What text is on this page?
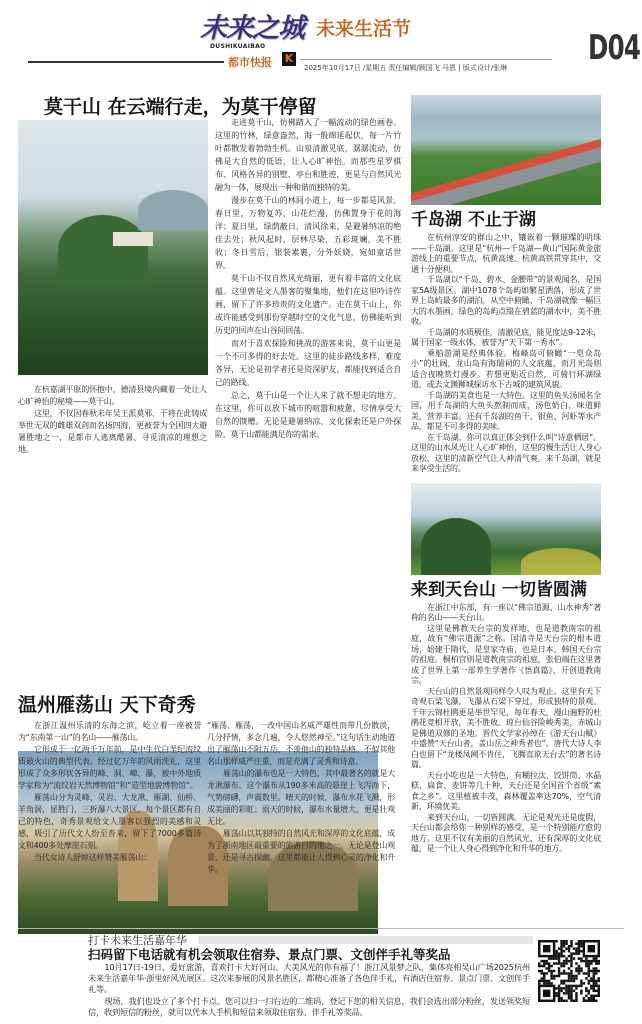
未来之城 未来生活节
DUSHIKUAIBAO
都市快报 K
2025年10月17日 /星期五 责任编辑/顾国飞 马恩 | 版式设计/张琳 D04
莫干山 在云端行走，为莫干停留

在杭嘉湖平原的怀抱中，德清县境内藏着一处让人心旷神怡的秘境——莫干山。

这里，不仅因春秋末年吴王派莫邪、干将在此铸成举世无双的雌雄双剑而名扬四海，更被誉为全国四大避暑胜地之一，是都市人逃离酷暑、寻觅清凉的理想之地。

走进莫干山，仿佛踏入了一幅流动的绿色画卷。这里的竹林，绿意盎然，海一般绵延起伏，每一片竹叶都散发着勃勃生机。山泉清澈见底，潺潺流动，仿佛是大自然的低语，让人心旷神怡。而那些星罗棋布、风格各异的别墅、亭台和胜迹，更是与自然风光融为一体，展现出一种和谐而独特的美。

漫步在莫干山的林间小道上，每一步都是风景。春日里，万物复苏，山花烂漫，仿佛置身于花的海洋；夏日里，绿荫蔽日，清风徐来，是避暑纳凉的绝佳去处；秋风起时，层林尽染，五彩斑斓，美不胜收；冬日雪后，银装素裹，分外妖娆，宛如童话世界。

莫干山不仅自然风光绮丽，更有着丰富的文化底蕴。这里曾是文人墨客的聚集地，他们在这里吟诗作画，留下了许多珍贵的文化遗产。走在莫干山上，你或许能感受到那份穿越时空的文化气息，仿佛能听到历史的回声在山谷间回荡。

而对于喜欢探险和挑战的游客来说，莫干山更是一个不可多得的好去处。这里的徒步路线多样，难度各异，无论是初学者还是资深驴友，都能找到适合自己的路线。

总之，莫干山是一个让人来了就不想走的地方。在这里，你可以放下城市的喧嚣和疲惫，尽情享受大自然的馈赠。无论是避暑纳凉、文化探索还是户外探险，莫干山都能满足你的需求。

千岛湖 不止于湖

在杭州淳安的群山之中，镶嵌着一颗璀璨的明珠——千岛湖。这里是“杭州—千岛湖—黄山”国际黄金旅游线上的重要节点，杭黄高速、杭黄高铁贯穿其中，交通十分便利。

千岛湖以“千岛、碧水、金腰带”的景观闻名，是国家5A级景区。湖中1078个岛屿如繁星洒落，形成了世界上岛屿最多的湖泊。从空中俯瞰，千岛湖就像一幅巨大的水墨画，绿色的岛屿点缀在碧蓝的湖水中，美不胜收。

千岛湖的水质极佳，清澈见底，能见度达9-12米，属于国家一级水体，被誉为“天下第一秀水”。

乘船游湖是经典体验。梅峰岛可俯瞰“一览众岛小”的壮阔，龙山岛有海瑞祠的人文底蕴，而月光岛则适合夜晚赏灯漫步。若想更贴近自然，可骑行环湖绿道，或去文渊狮城探访水下古城的建筑风貌。

千岛湖的美食也是一大特色。这里的鱼头汤闻名全国，用千岛湖的大鱼头熬制而成，汤色奶白，味道鲜美，营养丰富。还有千岛湖的鱼干、银鱼、河虾等水产品，都是不可多得的美味。

在千岛湖，你可以真正体会到什么叫“诗意栖居”。这里的山水风光让人心旷神怡，这里的慢生活让人身心放松，这里的清新空气让人神清气爽。来千岛湖，就是来享受生活的。

来到天台山 一切皆圆满

在浙江中东部，有一座以“佛宗道源、山水神秀”著称的名山——天台山。

这里是佛教天台宗的发祥地，也是道教南宗的祖庭，故有“佛宗道源”之称。国清寺是天台宗的根本道场，始建于隋代，是皇家寺庙，也是日本、韩国天台宗的祖庭。桐柏宫则是道教南宗的祖庭，张伯端在这里著成了世界上第一部养生学著作《悟真篇》，开创道教南宗。

天台山的自然景观同样令人叹为观止。这里有天下奇观石梁飞瀑，飞瀑从石梁下穿过，形成独特的景观。千年云锦杜鹃更是举世罕见，每年春天，漫山遍野的杜鹃花竞相开放，美不胜收。琼台仙谷险峻秀美，赤城山是佛道双修的圣地。晋代文学家孙绰在《游天台山赋》中盛赞“天台山者，盖山岳之神秀者也”，唐代大诗人李白也留下“龙楼凤阙不肯住，飞腾直欲天台去”的著名诗篇。

天台小吃也是一大特色，有糊拉汰、饺饼筒、水晶糕、扁食、麦饼等几十种，天台还是全国首个省级“素食之乡”。这里植被丰茂，森林覆盖率达70%，空气清新，环境优美。

来到天台山，一切皆圆满。无论是观光还是度假，天台山都会给你一种别样的感受，是一个特别能疗愈的地方。这里不仅有美丽的自然风光，还有深厚的文化底蕴，是一个让人身心得到净化和升华的地方。

温州雁荡山 天下奇秀

在浙江温州乐清的东海之滨，屹立着一座被誉为“东南第一山”的名山——雁荡山。

它形成于一亿两千万年前，是中生代白垩纪流纹质破火山的典型代表。经过亿万年的风雨洗礼，这里形成了众多形状各异的峰、洞、嶂、瀑，被中外地质学家称为“流纹岩天然博物馆”和“造型地貌博物馆”。

雁荡山分为灵峰、灵岩、大龙湫、雁湖、仙桥、羊角洞、显胜门、三折瀑八大景区。每个景区都有自己的特色，奇秀景观给文人墨客以强烈的美感和灵感，吸引了历代文人纷至沓来，留下了7000多篇诗文和400多处摩崖石刻。

当代女诗人舒婷这样赞美雁荡山：

“雁荡、雁荡，一改中国山名威严雄性而带几份散淡，几分抒情，多念几遍，令人悠然神至。”这句话生动地道出了雁荡山不附五岳、不羡他山的独特品格。不似其他名山那样威严庄重，而是充满了灵秀和诗意。

雁荡山的瀑布也是一大特色，其中最著名的就是大龙湫瀑布。这个瀑布从190多米高的悬崖上飞泻而下，气势磅礴，声震数里。晴天的时候，瀑布水花飞溅，形成美丽的彩虹；雨天的时候，瀑布水量增大，更是壮观无比。

雁荡山以其独特的自然风光和深厚的文化底蕴，成为了浙南地区最重要的旅游目的地之一。无论是登山观景，还是寻古探幽，这里都能让人得到心灵的净化和升华。

打卡未来生活嘉年华
扫码留下电话就有机会领取住宿券、景点门票、文创伴手礼等奖品

10月17日-19日，爱好旅游，喜欢打卡大好河山、大美风光的你有福了！浙江风景梦之队，集体亮相吴山广场2025杭州未来生活嘉年华·浙里好风光展区。这次来参展的风景名胜区，都精心准备了各色伴手礼，有酒店住宿券、景点门票、文创伴手礼等。

现场，我们也设立了多个打卡点。您可以扫一扫右边的二维码，登记下您的相关信息，我们会选出部分粉丝，发送领奖短信，收到短信的粉丝，就可以凭本人手机和短信来领取住宿券、伴手礼等奖品。
